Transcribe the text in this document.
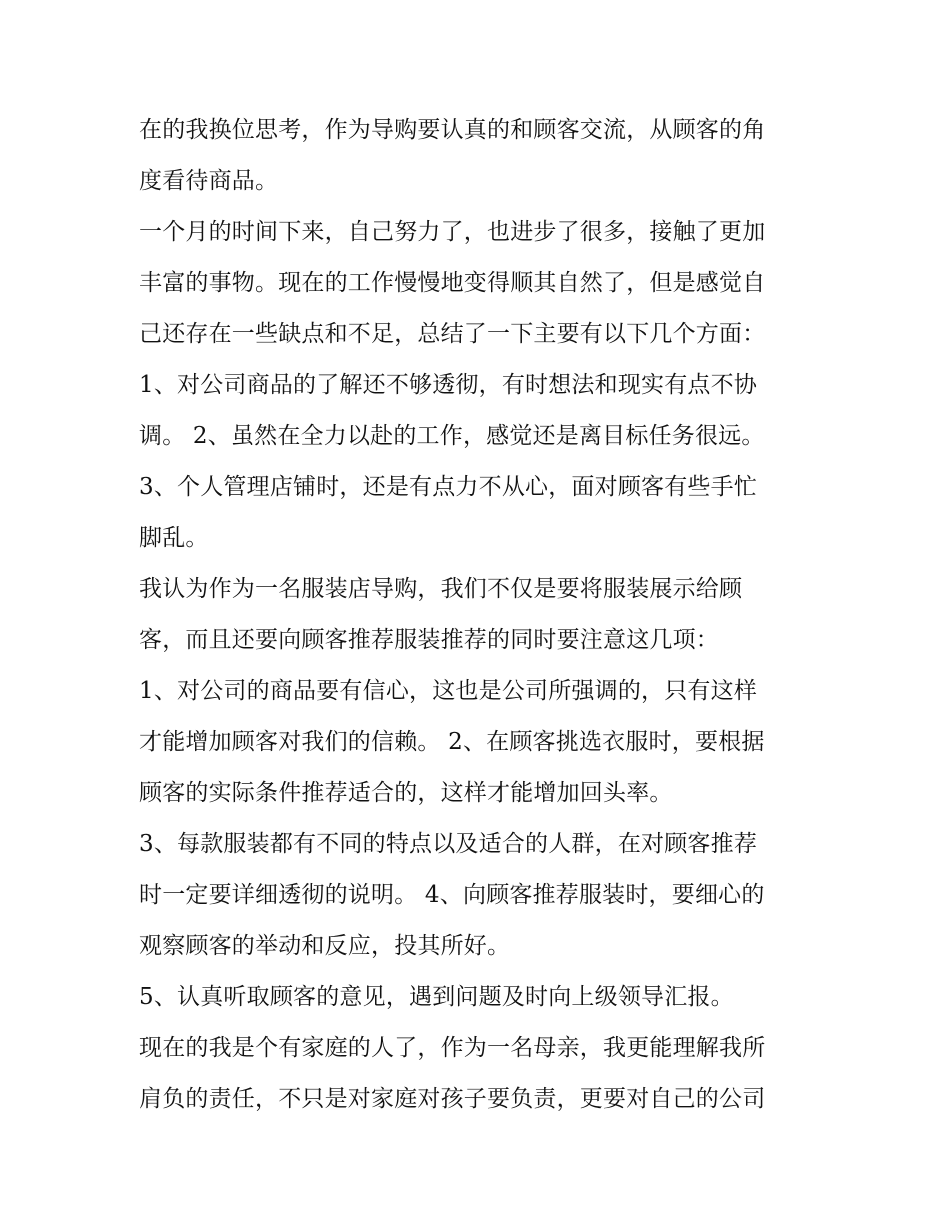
在的我换位思考，作为导购要认真的和顾客交流，从顾客的角
度看待商品。
一个月的时间下来，自己努力了，也进步了很多，接触了更加
丰富的事物。现在的工作慢慢地变得顺其自然了，但是感觉自
己还存在一些缺点和不足，总结了一下主要有以下几个方面：
1、对公司商品的了解还不够透彻，有时想法和现实有点不协
调。 2、虽然在全力以赴的工作，感觉还是离目标任务很远。
3、个人管理店铺时，还是有点力不从心，面对顾客有些手忙
脚乱。
我认为作为一名服装店导购，我们不仅是要将服装展示给顾
客，而且还要向顾客推荐服装推荐的同时要注意这几项：
1、对公司的商品要有信心，这也是公司所强调的，只有这样
才能增加顾客对我们的信赖。 2、在顾客挑选衣服时，要根据
顾客的实际条件推荐适合的，这样才能增加回头率。
3、每款服装都有不同的特点以及适合的人群，在对顾客推荐
时一定要详细透彻的说明。 4、向顾客推荐服装时，要细心的
观察顾客的举动和反应，投其所好。
5、认真听取顾客的意见，遇到问题及时向上级领导汇报。
现在的我是个有家庭的人了，作为一名母亲，我更能理解我所
肩负的责任，不只是对家庭对孩子要负责，更要对自己的公司
